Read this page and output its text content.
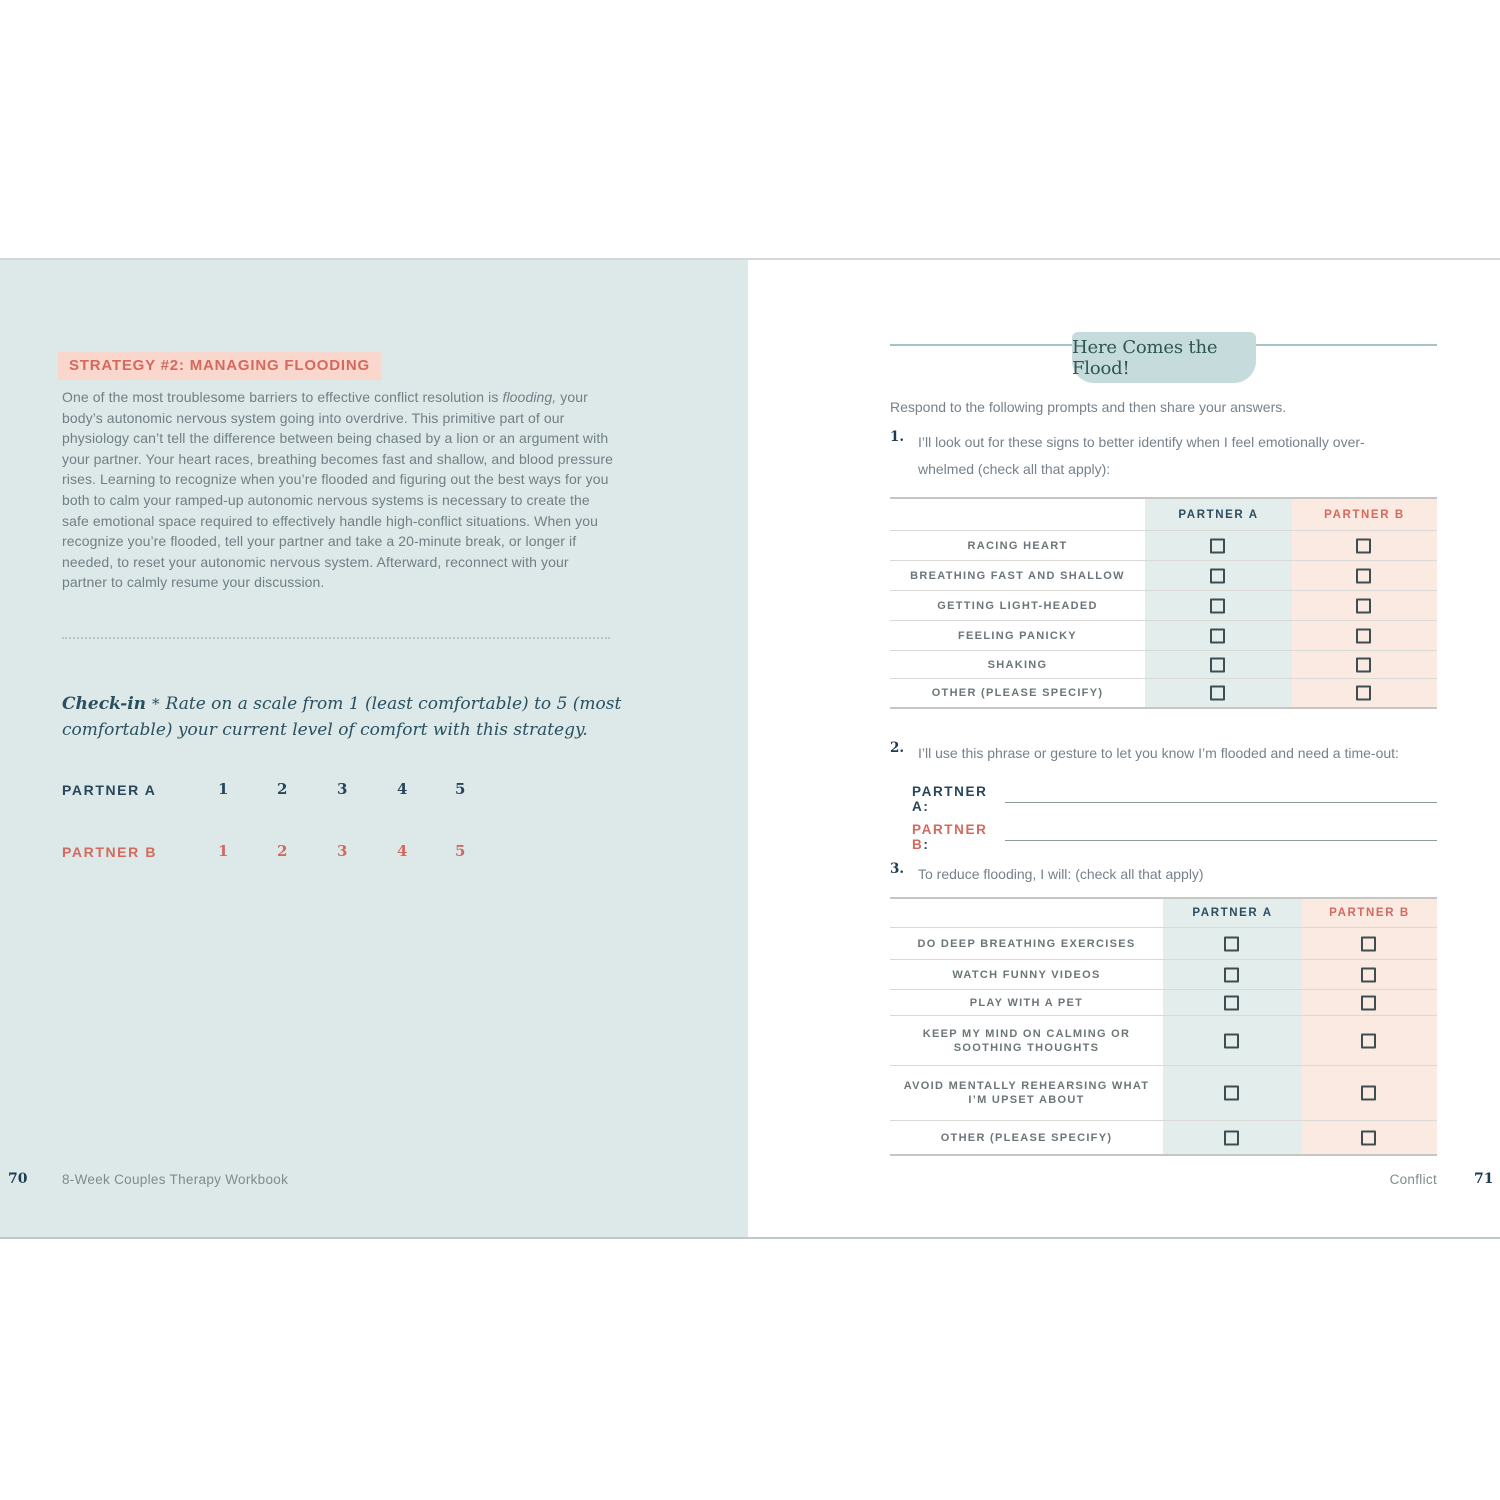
STRATEGY #2: MANAGING FLOODING
One of the most troublesome barriers to effective conflict resolution is flooding, your body’s autonomic nervous system going into overdrive. This primitive part of our physiology can’t tell the difference between being chased by a lion or an argument with your partner. Your heart races, breathing becomes fast and shallow, and blood pressure rises. Learning to recognize when you’re flooded and figuring out the best ways for you both to calm your ramped-up autonomic nervous systems is necessary to create the safe emotional space required to effectively handle high-conflict situations. When you recognize you’re flooded, tell your partner and take a 20-minute break, or longer if needed, to reset your autonomic nervous system. Afterward, reconnect with your partner to calmly resume your discussion.
Check-in * Rate on a scale from 1 (least comfortable) to 5 (most comfortable) your current level of comfort with this strategy.
PARTNER A	1	2	3	4	5
PARTNER B	1	2	3	4	5
70	8-Week Couples Therapy Workbook
Here Comes the Flood!
Respond to the following prompts and then share your answers.
1. I’ll look out for these signs to better identify when I feel emotionally over-
whelmed (check all that apply):
PARTNER A	PARTNER B
RACING HEART
BREATHING FAST AND SHALLOW
GETTING LIGHT-HEADED
FEELING PANICKY
SHAKING
OTHER (PLEASE SPECIFY)
2. I’ll use this phrase or gesture to let you know I’m flooded and need a time-out:
PARTNER A:
PARTNER B:
3. To reduce flooding, I will: (check all that apply)
PARTNER A	PARTNER B
DO DEEP BREATHING EXERCISES
WATCH FUNNY VIDEOS
PLAY WITH A PET
KEEP MY MIND ON CALMING OR SOOTHING THOUGHTS
AVOID MENTALLY REHEARSING WHAT I’M UPSET ABOUT
OTHER (PLEASE SPECIFY)
Conflict	71
